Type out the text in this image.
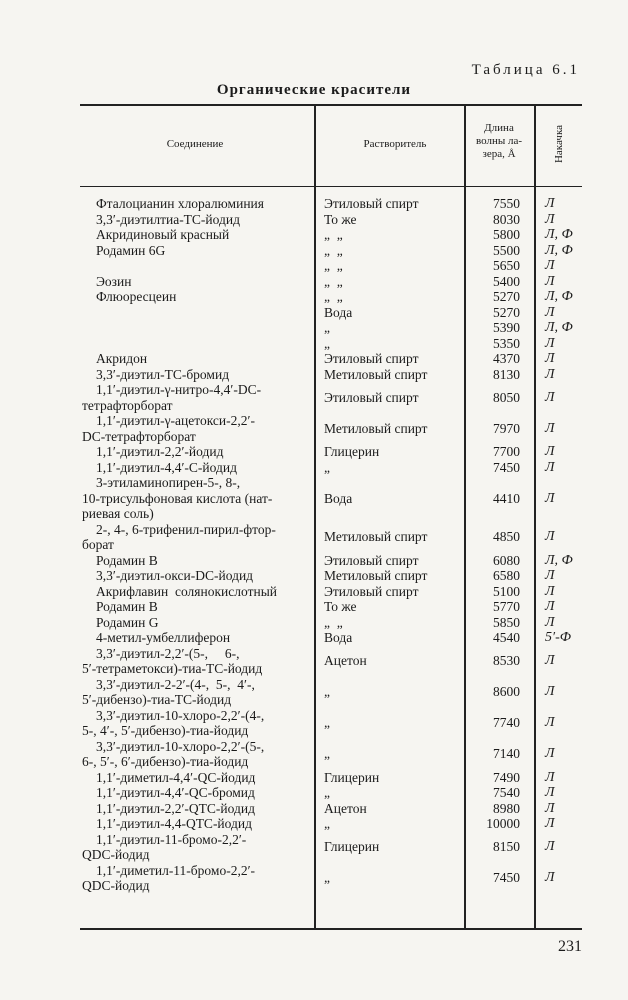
Таблица 6.1
Органические красители
Соединение	Растворитель
Длина
волны ла-
зера, Å	Накачка
Фталоцианин хлоралюминия	Этиловый спирт	7550 Л
3,3′-диэтилтиа-ТС-йодид	То же	8030 Л
Акридиновый красный	„  „	5800 Л, Ф
Родамин 6G	„  „	5500 Л, Ф
„  „	5650 Л
Эозин	„  „	5400 Л
Флюоресцеин	„  „	5270 Л, Ф
Вода	5270 Л
„	5390 Л, Ф
„	5350 Л
Акридон	Этиловый спирт	4370 Л
3,3′-диэтил-ТС-бромид	Метиловый спирт	8130 Л
1,1′-диэтил-γ-нитро-4,4′-DC-
тетрафторборат
Этиловый спирт	8050 Л
1,1′-диэтил-γ-ацетокси-2,2′-
DC-тетрафторборат
Метиловый спирт	7970 Л
1,1′-диэтил-2,2′-йодид	Глицерин	7700 Л
1,1′-диэтил-4,4′-С-йодид	„	7450 Л
3-этиламинопирен-5-, 8-,
10-трисульфоновая кислота (нат-
риевая соль)
Вода	4410 Л
2-, 4-, 6-трифенил-пирил-фтор-
борат
Метиловый спирт	4850 Л
Родамин В	Этиловый спирт	6080 Л, Ф
3,3′-диэтил-окси-DC-йодид	Метиловый спирт	6580 Л
Акрифлавин  солянокислотный	Этиловый спирт	5100 Л
Родамин В	То же	5770 Л
Родамин G	„  „	5850 Л
4-метил-умбеллиферон	Вода	4540 5′-Ф
3,3′-диэтил-2,2′-(5-,     6-,
5′-тетраметокси)-тиа-ТС-йодид
Ацетон	8530 Л
3,3′-диэтил-2-2′-(4-,  5-,  4′-,
5′-дибензо)-тиа-ТС-йодид
„	8600 Л
3,3′-диэтил-10-хлоро-2,2′-(4-,
5-, 4′-, 5′-дибензо)-тиа-йодид
„	7740 Л
3,3′-диэтил-10-хлоро-2,2′-(5-,
6-, 5′-, 6′-дибензо)-тиа-йодид
„	7140 Л
1,1′-диметил-4,4′-QC-йодид	Глицерин	7490 Л
1,1′-диэтил-4,4′-QC-бромид	„	7540 Л
1,1′-диэтил-2,2′-QTC-йодид	Ацетон	8980 Л
1,1′-диэтил-4,4-QTC-йодид	„	10000 Л
1,1′-диэтил-11-бромо-2,2′-
QDC-йодид
Глицерин	8150 Л
1,1′-диметил-11-бромо-2,2′-
QDC-йодид
„	7450 Л
231
